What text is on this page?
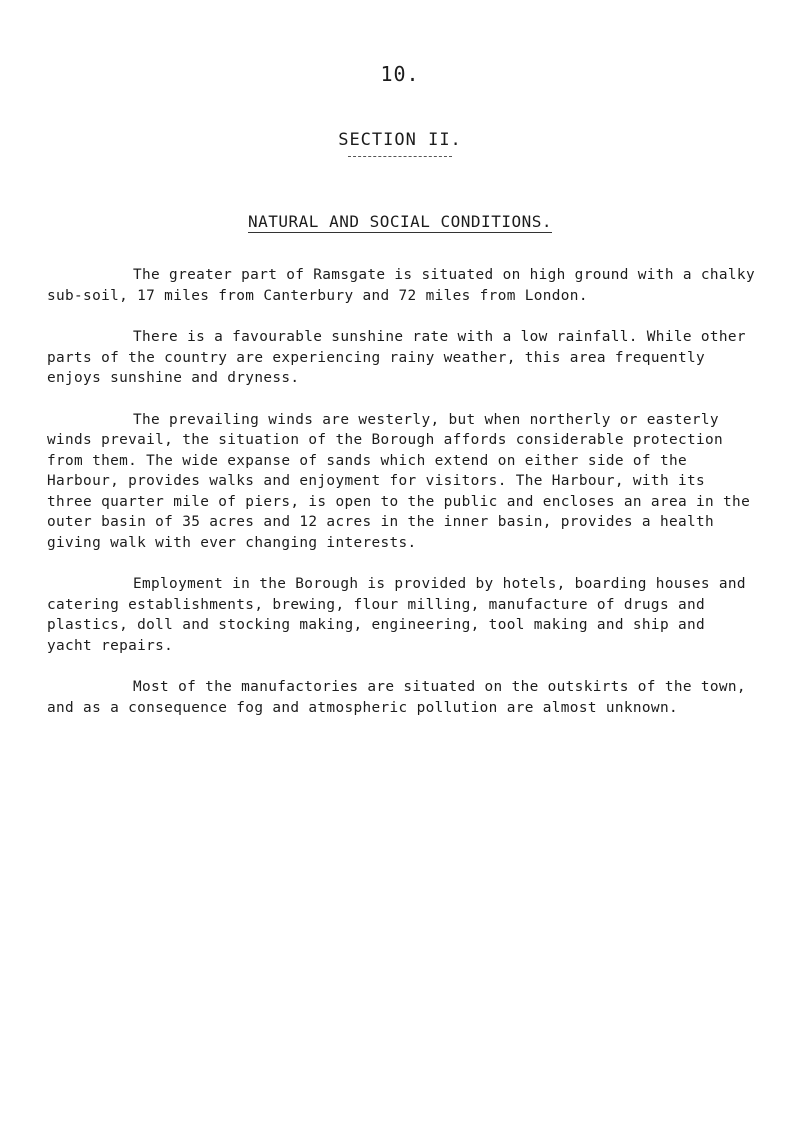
10.
SECTION II.
NATURAL AND SOCIAL CONDITIONS.

The greater part of Ramsgate is situated on high ground with a chalky sub-soil, 17 miles from Canterbury and 72 miles from London.

There is a favourable sunshine rate with a low rainfall. While other parts of the country are experiencing rainy weather, this area frequently enjoys sunshine and dryness.

The prevailing winds are westerly, but when northerly or easterly winds prevail, the situation of the Borough affords considerable protection from them. The wide expanse of sands which extend on either side of the Harbour, provides walks and enjoyment for visitors. The Harbour, with its three quarter mile of piers, is open to the public and encloses an area in the outer basin of 35 acres and 12 acres in the inner basin, provides a health giving walk with ever changing interests.

Employment in the Borough is provided by hotels, boarding houses and catering establishments, brewing, flour milling, manufacture of drugs and plastics, doll and stocking making, engineering, tool making and ship and yacht repairs.

Most of the manufactories are situated on the outskirts of the town, and as a consequence fog and atmospheric pollution are almost unknown.
